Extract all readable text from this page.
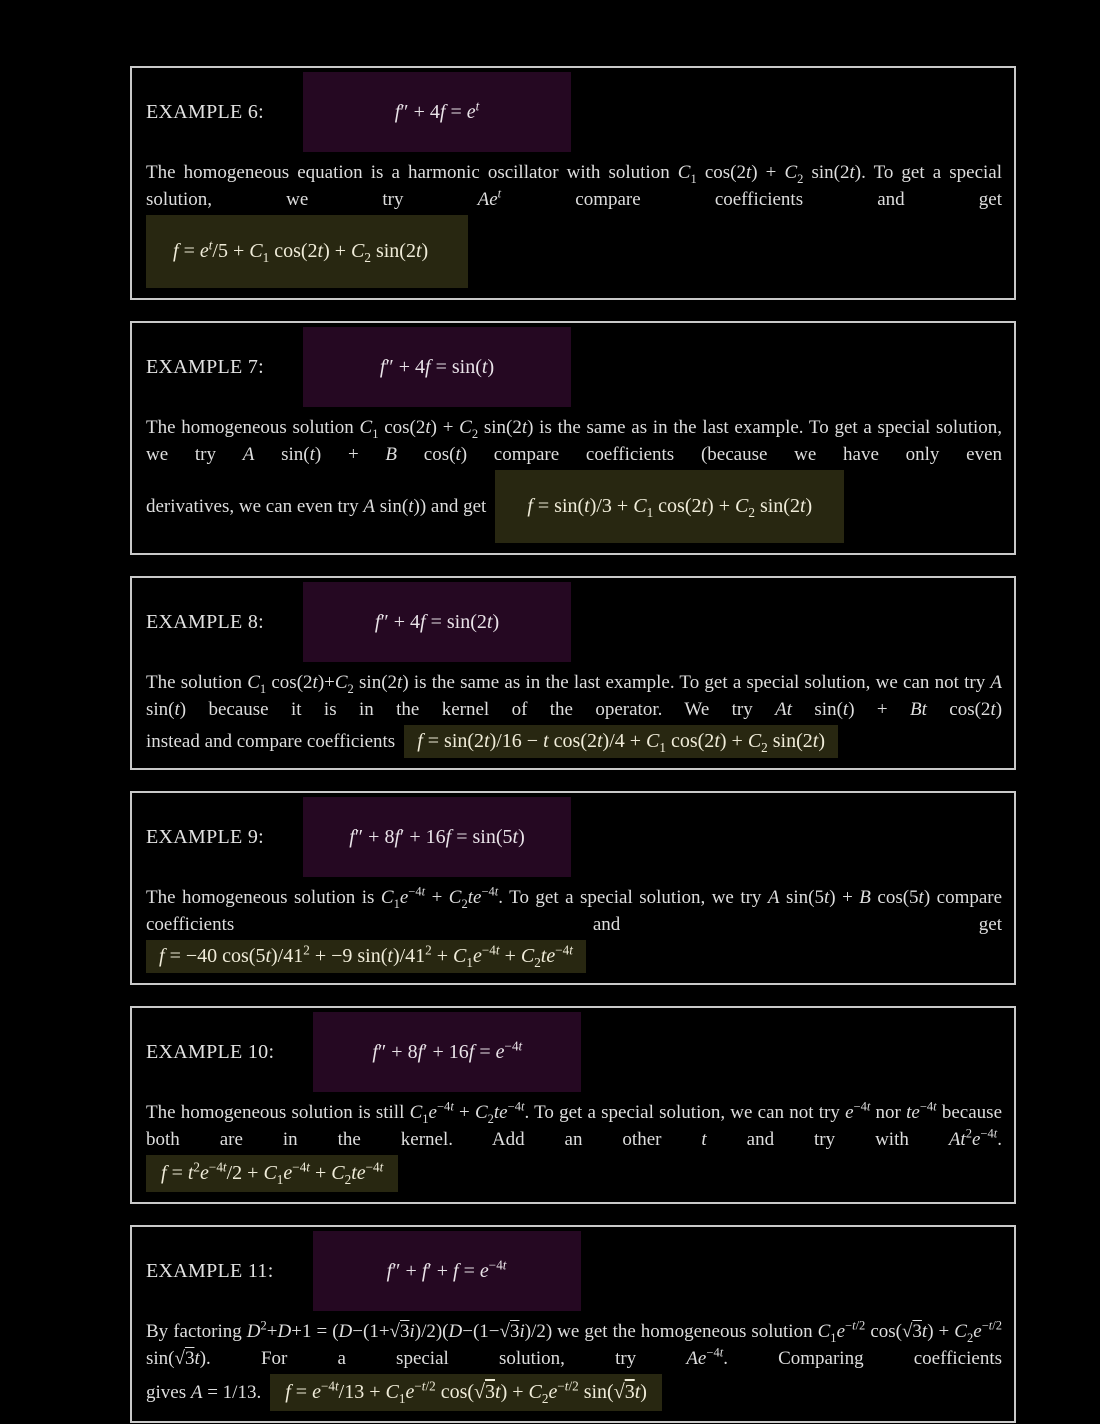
EXAMPLE 6:	$f'' + 4f = e^t$

The homogeneous equation is a harmonic oscillator with solution $C_1$ $\cos(2t) + C_2$ sin(2t). To get a special solution, we try Ae$^t$ compare coefficients and get

$f = e^t/5 + C_1$ $\cos(2t) + C_2$ sin(2t)
EXAMPLE 7:	f″ + 4f = sin(t)

The homogeneous solution $C_1$ $\cos(2t) + C_2$ sin(2t) is the same as in the last example. To get a special solution, we try A sin(t) + B cos(t) compare coefficients (because we have only even

derivatives, we can even try A sin(t)) and get $f = \sin(t)/3 + C_1$ $\cos(2t) + C_2$ sin(2t)
EXAMPLE 8:	f″ + 4f = sin(2t)

The solution $C_1$ $\cos(2t)+C_2$ sin(2t) is the same as in the last example. To get a special solution, we can not try A sin(t) because it is in the kernel of the operator. We try At sin(t) + Bt cos(2t)

instead and compare coefficients f = sin(2t)/16 − t $\cos(2t)/4 + C_1$ $\cos(2t) + C_2$ sin(2t)
EXAMPLE 9:	f″ + 8f′ + 16f = sin(5t)

The homogeneous solution is $C_1e^{-4t} + C_2te^{-4t}$. To get a special solution, we try A sin(5t) + B cos(5t) compare coefficients and get

f = −40 $\cos(5t)/41^2 + -9$ $\sin(t)/41^2 + C_1e^{-4t} + C_2te^{-4t}$
EXAMPLE 10:	$f'' + 8f' + 16f = e^{-4t}$

The homogeneous solution is still $C_1e^{-4t} + C_2te^{-4t}$. To get a special solution, we can not try $e^{-4t}$ nor $te^{-4t}$ because both are in the kernel. Add an other t and try with $At^2e^{-4t}$.

$f = t^2e^{-4t}/2 + C_1e^{-4t} + C_2te^{-4t}$
EXAMPLE 11:	$f'' + f' + f = e^{-4t}$

By factoring $D^2+D+1 = (D-(1+√3i)/2)(D-(1-√3i)/2)$ we get the homogeneous solution $C_1e^{-t/2}$ $\cos(√3t) + C_2e^{-t/2}$ sin(√3t). For a special solution, try $Ae^{-4t}$. Comparing coefficients

gives A = 1/13. $f = e^{-4t}/13 + C_1e^{-t/2}$ $\cos(√3t) + C_2e^{-t/2}$ sin(√3t)
